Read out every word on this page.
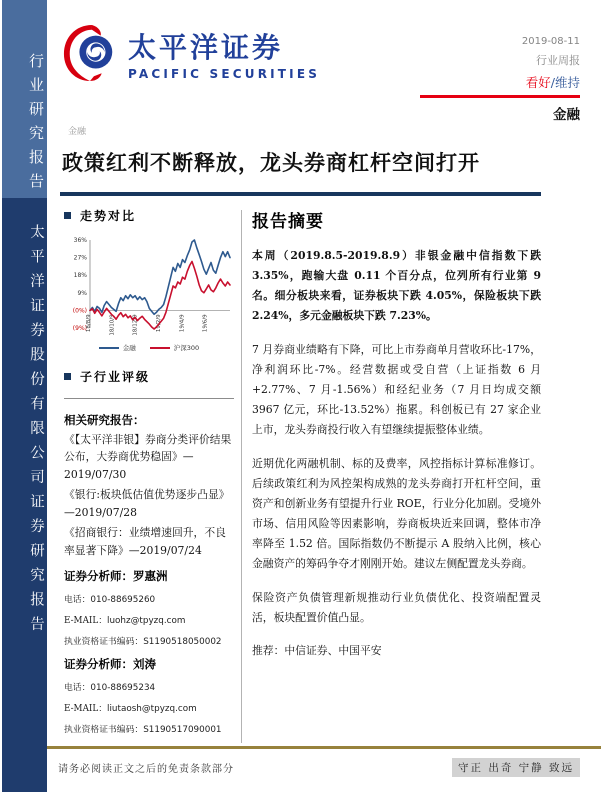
行业研究报告
太平洋证券股份有限公司证券研究报告
太平洋证券
PACIFIC SECURITIES
2019-08-11
行业周报
看好/维持
金融
金融
政策红利不断释放，龙头券商杠杆空间打开
走势对比
36%
27%
18%
9%
(0%)
(9%) 18/8/9	18/10/9	18/12/9	19/2/9	19/4/9	19/6/9
金融	沪深300
子行业评级
相关研究报告：
《【太平洋非银】券商分类评价结果公布，大券商优势稳固》—2019/07/30
《银行:板块低估值优势逐步凸显》—2019/07/28
《招商银行：业绩增速回升，不良率显著下降》—2019/07/24
证券分析师：罗惠洲
电话：010-88695260
E-MAIL：luohz@tpyzq.com
执业资格证书编码：S1190518050002
证券分析师：刘涛
电话：010-88695234
E-MAIL：liutaosh@tpyzq.com
执业资格证书编码：S1190517090001
报告摘要
本周（2019.8.5-2019.8.9）非银金融中信指数下跌 3.35%，跑输大盘 0.11 个百分点，位列所有行业第 9 名。细分板块来看，证券板块下跌 4.05%，保险板块下跌 2.24%，多元金融板块下跌 7.23%。
7 月券商业绩略有下降，可比上市券商单月营收环比-17%，净利润环比-7%。经营数据或受自营（上证指数 6 月+2.77%、7 月-1.56%）和经纪业务（7 月日均成交额 3967 亿元，环比-13.52%）拖累。科创板已有 27 家企业上市，龙头券商投行收入有望继续提振整体业绩。
近期优化两融机制、标的及费率，风控指标计算标准修订。后续政策红利为风控架构成熟的龙头券商打开杠杆空间，重资产和创新业务有望提升行业 ROE，行业分化加剧。受境外市场、信用风险等因素影响，券商板块近来回调，整体市净率降至 1.52 倍。国际指数仍不断提示 A 股纳入比例，核心金融资产的筹码争夺才刚刚开始。建议左侧配置龙头券商。
保险资产负债管理新规推动行业负债优化、投资端配置灵活，板块配置价值凸显。
推荐：中信证券、中国平安
请务必阅读正文之后的免责条款部分	守正 出奇 宁静 致远
